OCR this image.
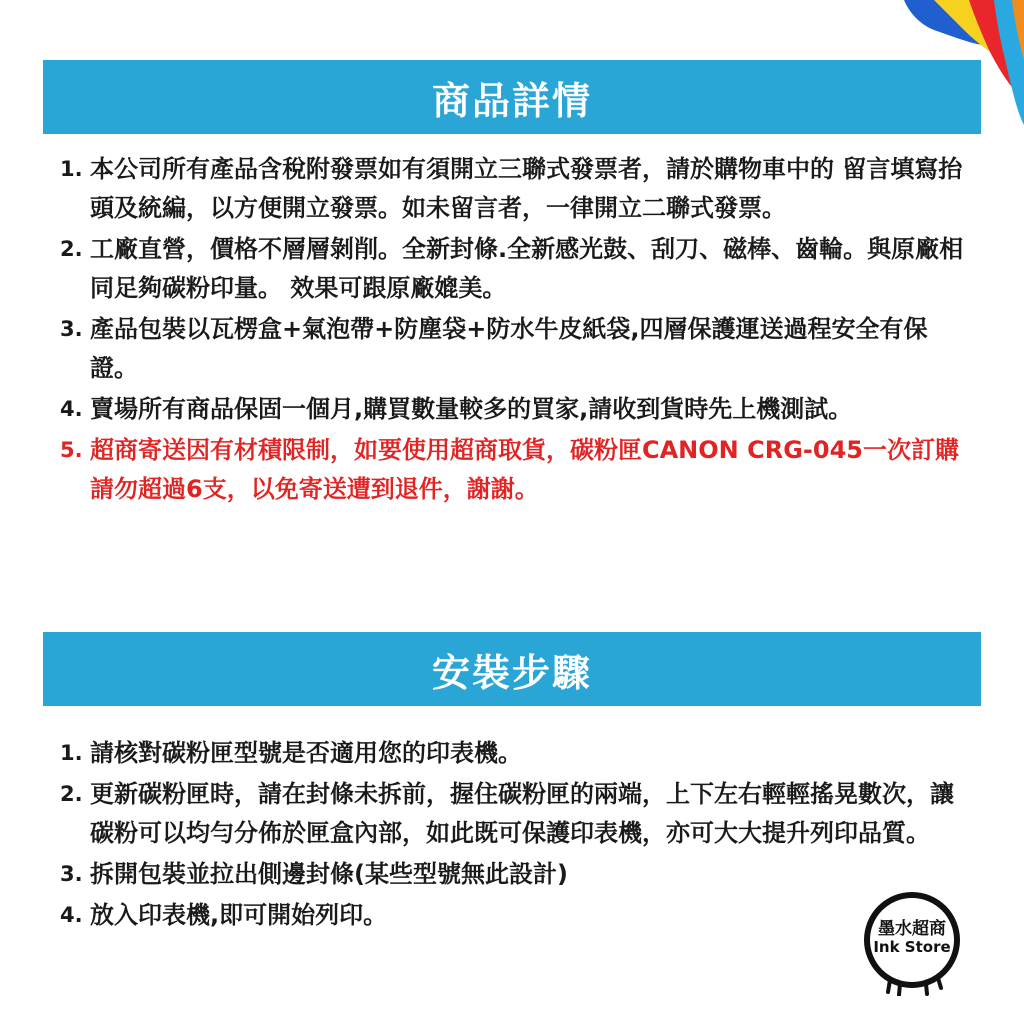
商品詳情
1. 本公司所有產品含稅附發票如有須開立三聯式發票者，請於購物車中的 留言填寫抬頭及統編，以方便開立發票。如未留言者，一律開立二聯式發票。
2. 工廠直營，價格不層層剝削。全新封條.全新感光鼓、刮刀、磁棒、齒輪。與原廠相同足夠碳粉印量。 效果可跟原廠媲美。
3. 產品包裝以瓦楞盒+氣泡帶+防塵袋+防水牛皮紙袋,四層保護運送過程安全有保證。
4. 賣場所有商品保固一個月,購買數量較多的買家,請收到貨時先上機測試。
5. 超商寄送因有材積限制，如要使用超商取貨，碳粉匣CANON CRG-045一次訂購請勿超過6支，以免寄送遭到退件，謝謝。
安裝步驟
1. 請核對碳粉匣型號是否適用您的印表機。
2. 更新碳粉匣時，請在封條未拆前，握住碳粉匣的兩端，上下左右輕輕搖晃數次，讓碳粉可以均勻分佈於匣盒內部，如此既可保護印表機，亦可大大提升列印品質。
3. 拆開包裝並拉出側邊封條(某些型號無此設計)
4. 放入印表機,即可開始列印。	墨水超商
Ink Store
